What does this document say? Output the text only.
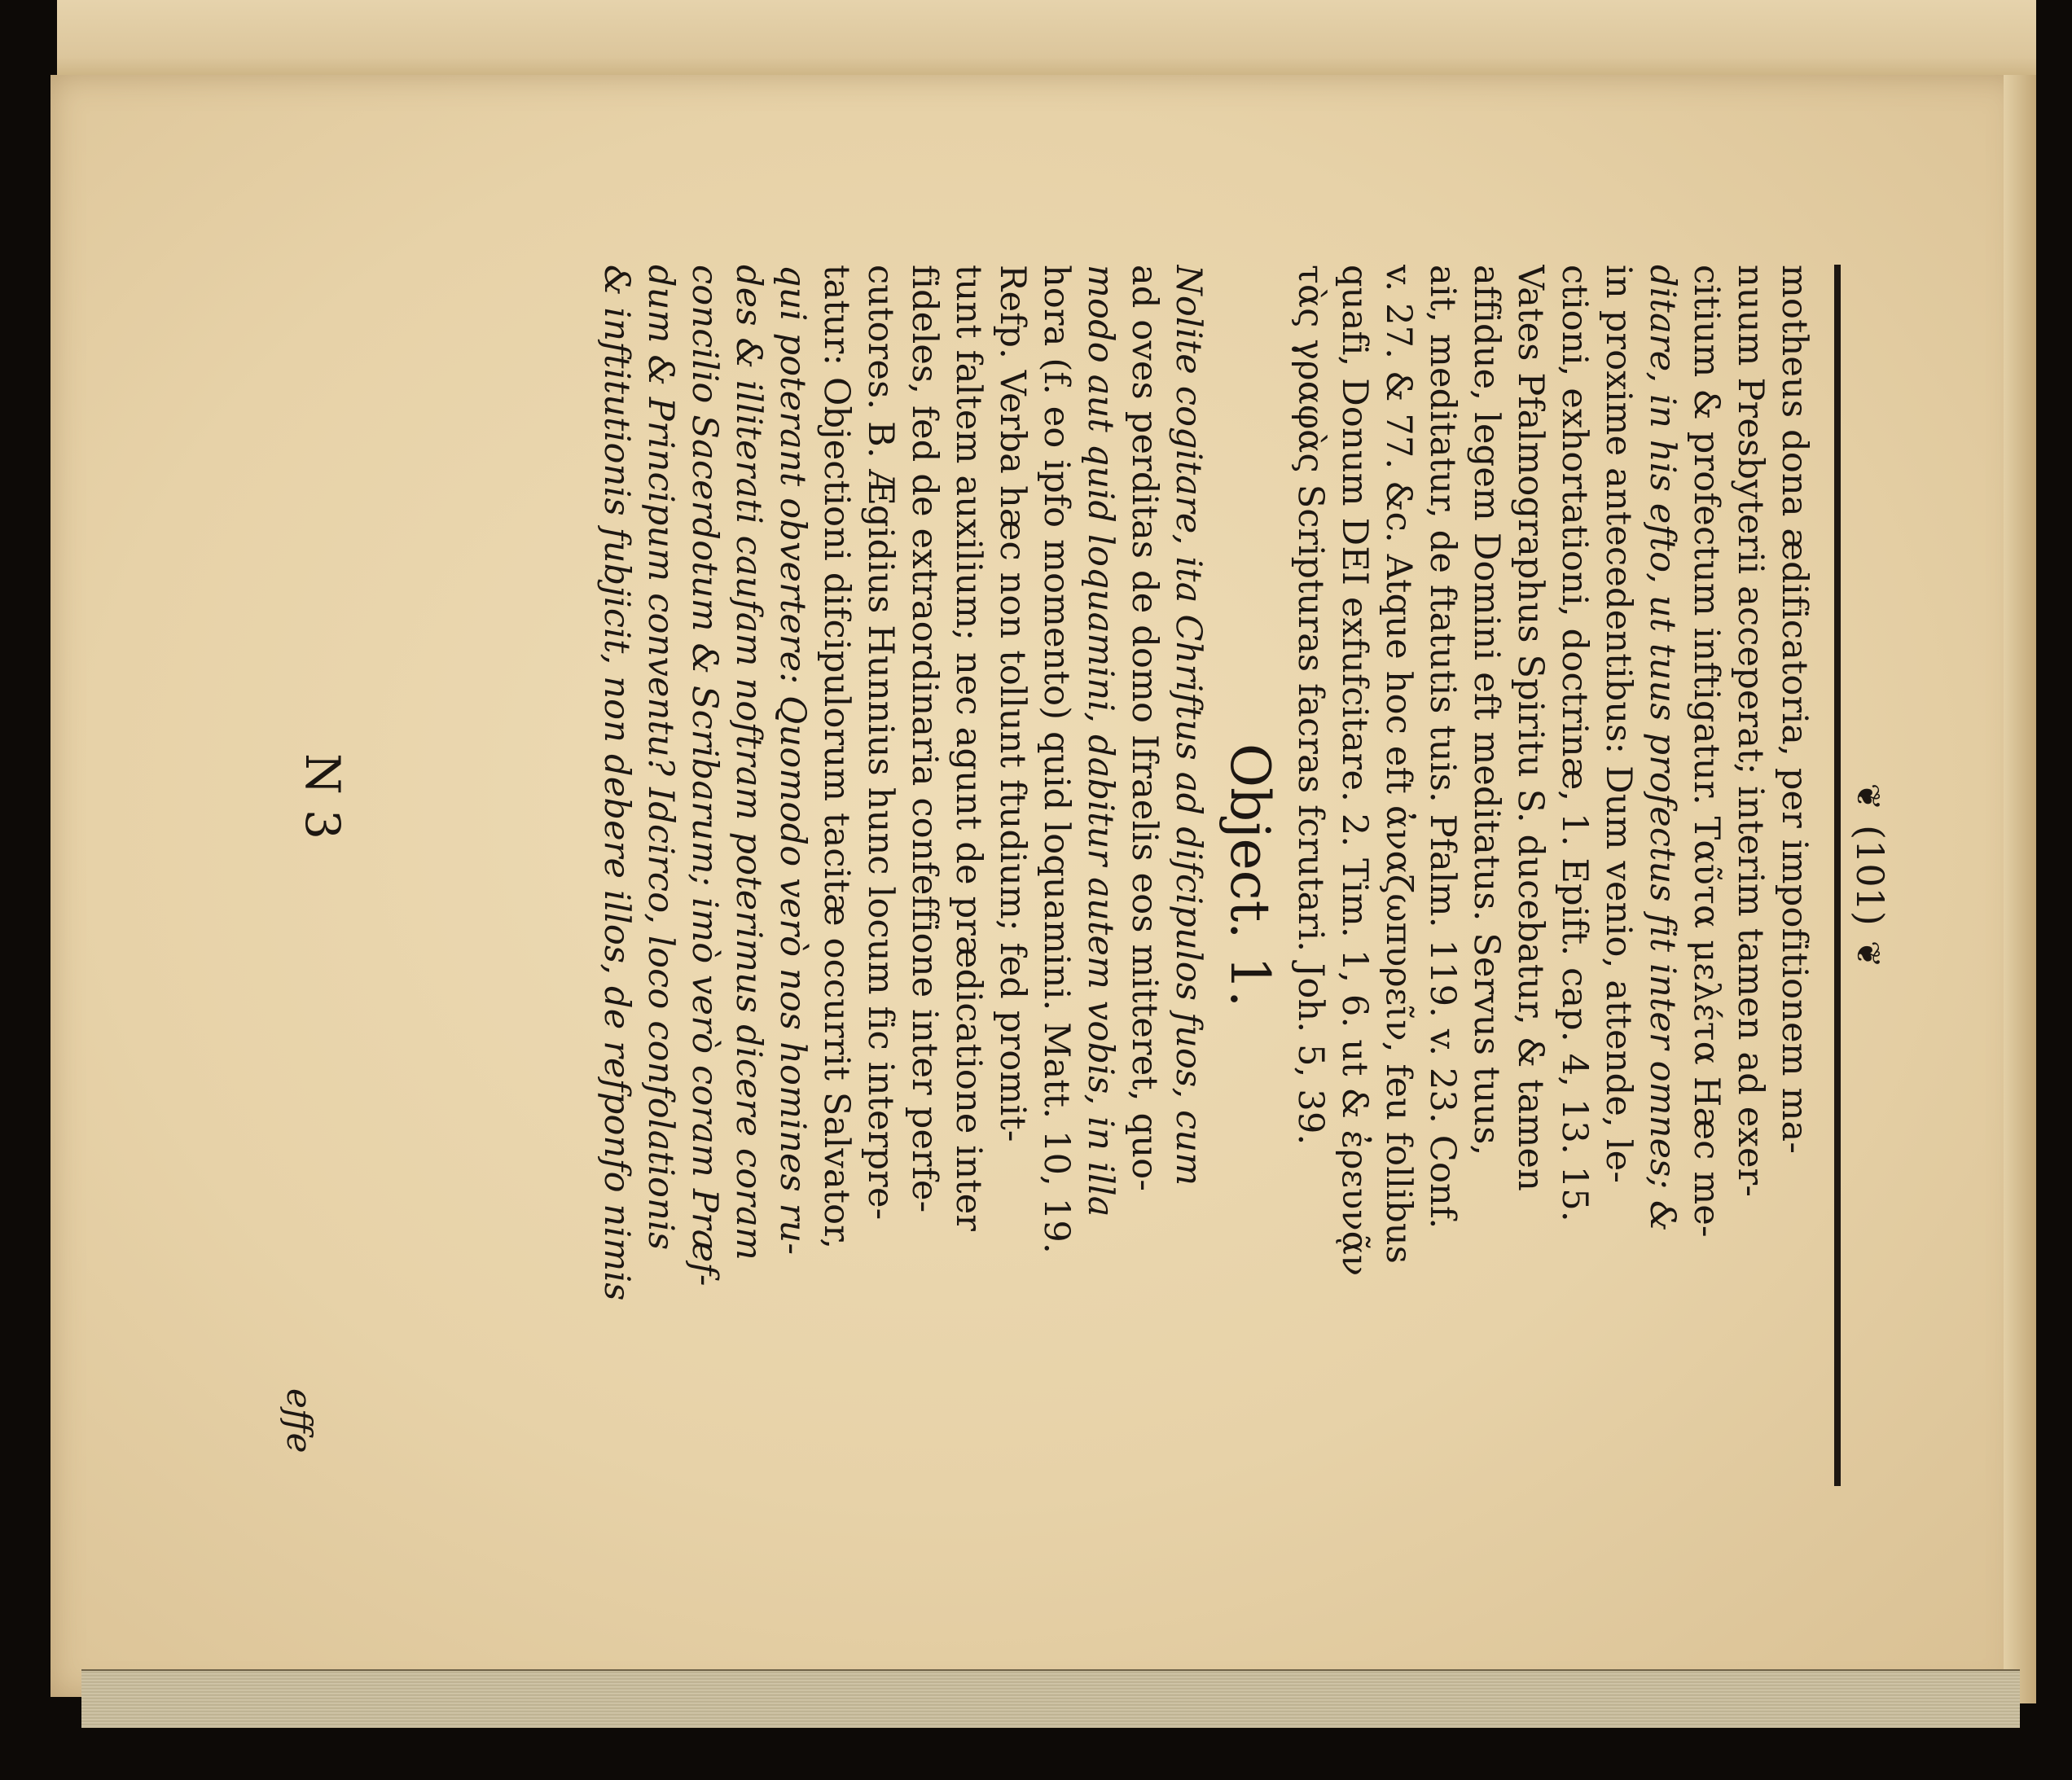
❦(101)❦
motheus dona ædificatoria, per impofitionem ma-
nuum Presbyterii acceperat; interim tamen ad exer-
citium & profectum inftigatur. Ταῦτα μελέτα Hæc me-
ditare, in his efto, ut tuus profectus fit inter omnes; &
in proxime antecedentibus: Dum venio, attende, le-
ctioni, exhortationi, doctrinæ, 1. Epift. cap. 4, 13. 15.
Vates Pfalmographus Spiritu S. ducebatur, & tamen
affidue, legem Domini eft meditatus. Servus tuus,
ait, meditatur, de ftatutis tuis. Pfalm. 119. v. 23. Conf.
v. 27. & 77. &c. Atque hoc eft ἀναζωπυρεῖν, feu follibus
quafi, Donum DEI exfufcitare. 2. Tim. 1, 6. ut & ἐρευνᾷν
τὰς γραφὰς Scripturas facras fcrutari. Joh. 5, 39.
Object. 1.
Nolite cogitare, ita Chriftus ad difcipulos fuos, cum
ad oves perditas de domo Ifraelis eos mitteret, quo-
modo aut quid loquamini, dabitur autem vobis, in illa
hora (f. eo ipfo momento) quid loquamini. Matt. 10, 19.
Refp. Verba hæc non tollunt ftudium; fed promit-
tunt faltem auxilium; nec agunt de prædicatione inter
fideles, fed de extraordinaria confeffione inter perfe-
cutores. B. Ægidius Hunnius hunc locum fic interpre-
tatur: Objectioni difcipulorum tacitæ occurrit Salvator,
qui poterant obvertere: Quomodo verò nos homines ru-
des & illiterati caufam noftram poterimus dicere coram
concilio Sacerdotum & Scribarum; imò verò coram Præf-
dum & Principum conventu? Idcirco, loco confolationis
& inftitutionis fubjicit, non debere illos, de refponfo nimis
N 3
effe
